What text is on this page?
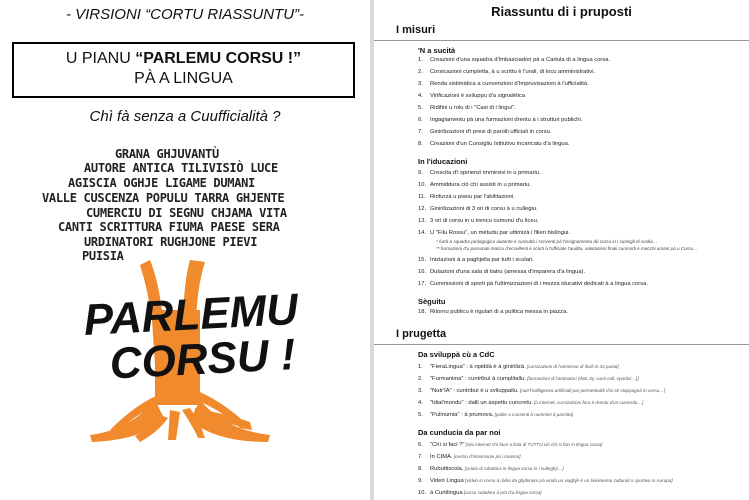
- VIRSIONI “CORTU RIASSUNTU”-
U PIANU “PARLEMU CORSU !”
PÀ A LINGUA
Chì fà senza a Cuufficialità ?
GRANA GHJUVANTÙ
AUTORE ANTICA TILIVISIÒ LUCE
AGISCIA OGHJE LIGAME DUMANI
VALLE CUSCENZA POPULU TARRA GHJENTE
CUMERCIU DI SEGNU CHJAMA VITA
CANTI SCRITTURA FIUMA PAESE SERA
URDINATORI RUGHJONE PIEVI
PUISIA
PARLEMU
CORSU !
Riassuntu di i pruposti
I misuri
'N a sucità
1. Creazioni d'una squadra d'Imbasciadori pà a Cartula di a lingua corsa.
2. Corsicazioni cumpletta, à u scrittu è l'urali, di locu amministrativi.
3. Renda sistimàtica a cunvenzioni d'Impruvisazioni à l'ufficialità.
4. Virificazioni è sviluppu d'a signalètica
5. Ridifini u rolu di i "Casi di i lingui".
6. Ingagiamentu pà una furmazioni drentu à i strutturi publichi.
7. Ginirilizazioni d'i presi di parolli ufficiali in corsu.
8. Creazioni d'un Cunsigliu Istitutivu incaricatu d'a lingua.
In l'iducazioni
9. Crescita d'i spirienzi immirsivi in u primariu.
10. Ammiddura ciò chì assisti in u primariu.
11. Rinfurzà u pianu par l'abilitazioni.
12. Ginirilizazioni di 3 ori di corsu à u cullegiu.
13. 3 ori di corsu in u trencu cumunu d'u liceu.
14. U "Filu Rossu", un mètudu par uttimizà i filieri bislingui.
* furtà a squadra pedagogica aiutante è cunsultà i scriventi pà l'insignamentu dû corsu in i cunsigli di scolla…
** furmazioni d'u parsunali maccu d'eccellenti è scorti à l'ufficiale l'auditu, valutazioni finali cuncordi e macchi umani pà u Corsu…
15. Iniziazioni à a paghjella par tutti i sculari.
16. Dutazioni d'una sala di tiatru (amessa d'imparera d'a lingua).
17. Cummissioni di sporti pà l'uttimizzazioni di i mezza iducativi dedicati à a lingua corsa.
Sèguitu
18. Ritornu publicu è rigulari di a pulitica messa in piazza.
I prugetta
Da sviluppà cù a CdC
1. "FieraLingua" : à ripiddà è à ginirilizà. [cursizazioni di l'ummissa di Ilivili in 34 punta]
2. "Furmanima" : cuntribuì à cumplitallu. [furmazioni di l'animatori (Ifati, Dj, cumi coll, spurtivi…)]
3. "Nutr'IA" : cuntribuì è u sviluppallu. [nutr'l'intilligenza artificiali par permettaddi d'ai sè stappagnà in corsu…]
4. "Idial'mondu" : dalli un aspettu cuncretu. [ù internet, cursizazioni fora è drentu d'un cumerdu…]
5. "Pulinumia" : à prumova. [pulite a cunsenti à nummini à parcitta]
Da cunducia da par noi
6. "Chì si faci ?" [situ internet chì face a lista di TUTTU ciò chì si faci in lingua corsa]
7. In CIMA. [centru d'imminsioni pà i mainori]
8. Rubuttiscola. [sciola di rubottica in lingua corsa in i culleghjì…]
9. Videò Lingua [Videò in corsu à ràdia da ghjìlonum pà vinda un viaghjè è un livinimentu culturali o spurtivu in Auropa]
10. à Curtilingua [cursu suladera à prò d'a lingua corsa]
